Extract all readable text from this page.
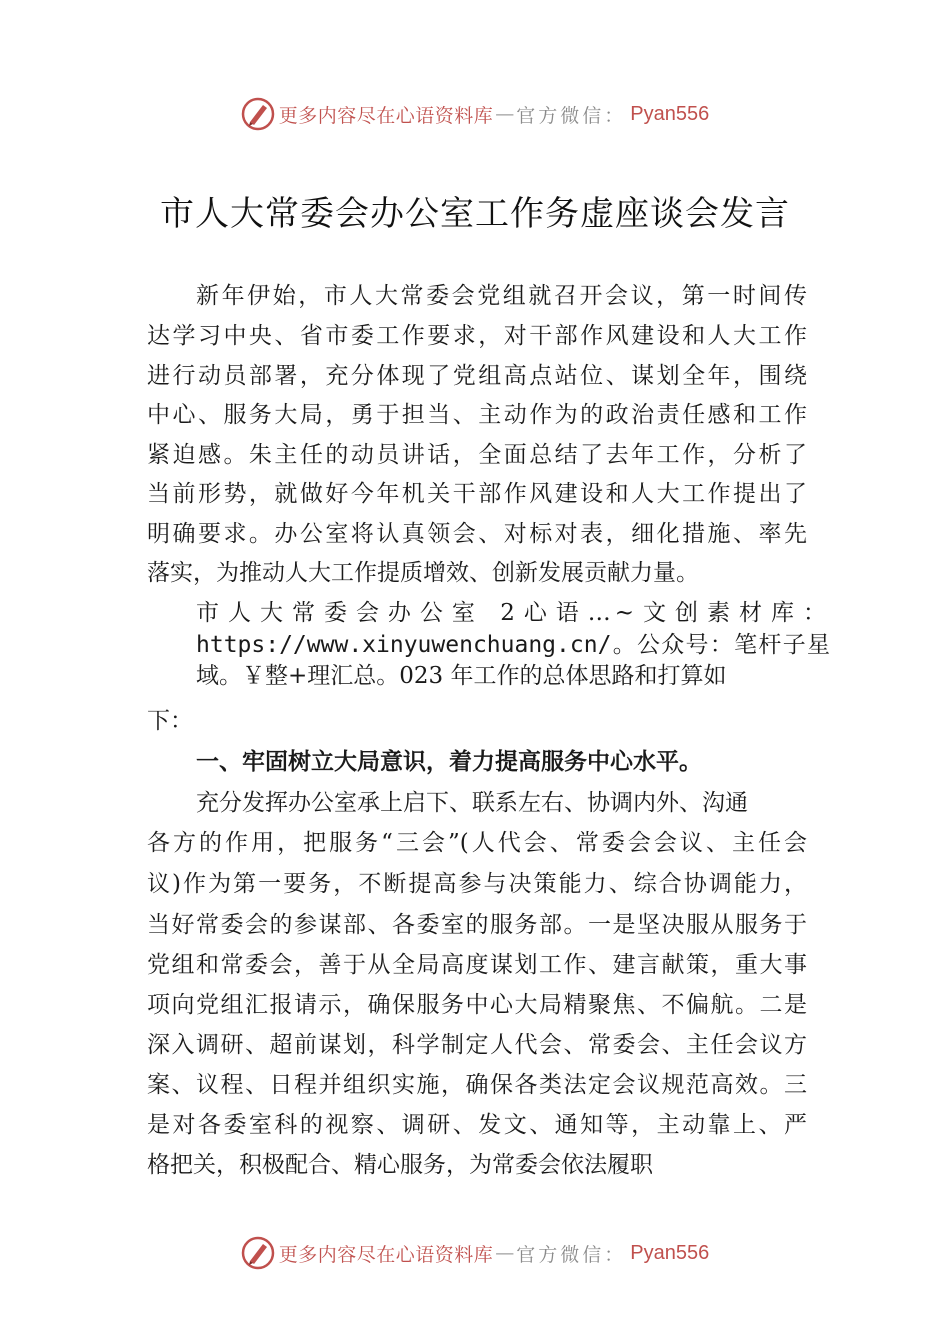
更多内容尽在心语资料库 — 官方微信： Pyan556
市人大常委会办公室工作务虚座谈会发言
新年伊始，市人大常委会党组就召开会议，第一时间传
达学习中央、省市委工作要求，对干部作风建设和人大工作
进行动员部署，充分体现了党组高点站位、谋划全年，围绕
中心、服务大局，勇于担当、主动作为的政治责任感和工作
紧迫感。朱主任的动员讲话，全面总结了去年工作，分析了
当前形势，就做好今年机关干部作风建设和人大工作提出了
明确要求。办公室将认真领会、对标对表，细化措施、率先
落实，为推动人大工作提质增效、创新发展贡献力量。
市人大常委会办公室 2心语…~文创素材库：
https://www.xinyuwenchuang.cn/。公众号：笔杆子星
域。￥整+理汇总。023 年工作的总体思路和打算如
下：
一、牢固树立大局意识，着力提高服务中心水平。
充分发挥办公室承上启下、联系左右、协调内外、沟通
各方的作用，把服务“三会”(人代会、常委会会议、主任会
议)作为第一要务，不断提高参与决策能力、综合协调能力，
当好常委会的参谋部、各委室的服务部。一是坚决服从服务于
党组和常委会，善于从全局高度谋划工作、建言献策，重大事
项向党组汇报请示，确保服务中心大局精聚焦、不偏航。二是
深入调研、超前谋划，科学制定人代会、常委会、主任会议方
案、议程、日程并组织实施，确保各类法定会议规范高效。三
是对各委室科的视察、调研、发文、通知等，主动靠上、严
格把关，积极配合、精心服务，为常委会依法履职
更多内容尽在心语资料库 — 官方微信： Pyan556
